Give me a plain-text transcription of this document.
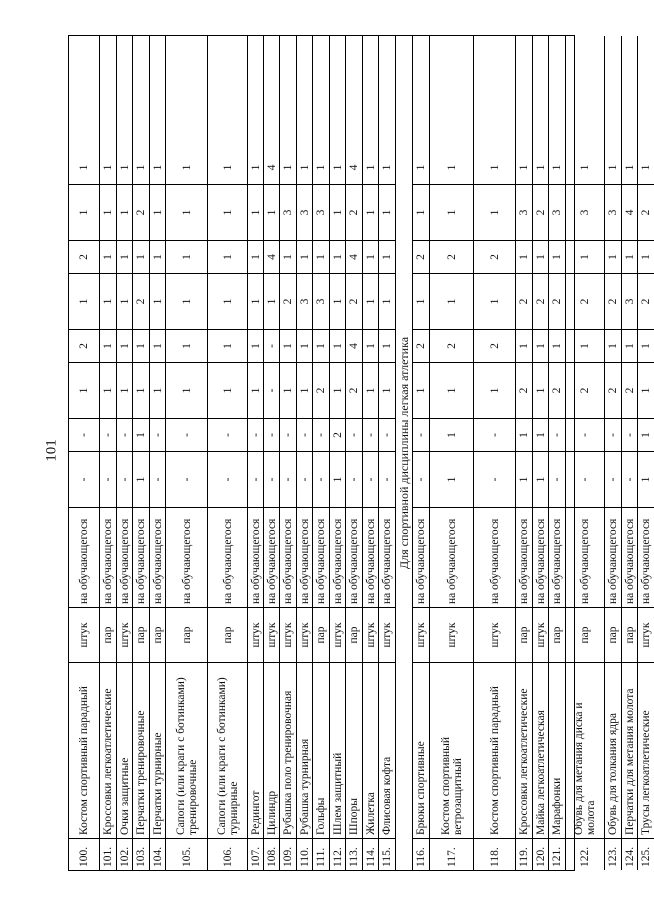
101
100.
Костом спортивный парадный
штук
на обучающегося
-
-
1
2
1
2
1
1
101.
Кроссовки легкоатлетические
пар
на обучающегося
-
-
1
1
1
1
1
1
102.
Очки защитные
штук
на обучающегося
-
-
1
1
1
1
1
1
103.
Перчатки тренировочные
пар
на обучающегося
1
1
1
1
2
1
2
1
104.
Перчатки турнирные
пар
на обучающегося
-
-
1
1
1
1
1
1
105.
Сапоги (или краги с ботинками) тренировочные
пар
на обучающегося
-
-
1
1
1
1
1
1
106.
Сапоги (или краги с ботинками) турнирные
пар
на обучающегося
-
-
1
1
1
1
1
1
107.
Редингот
штук
на обучающегося
-
-
1
1
1
1
1
1
108.
Цилиндр
штук
на обучающегося
-
-
-
-
1
4
1
4
109.
Рубашка поло тренировочная
штук
на обучающегося
-
-
1
1
2
1
3
1
110.
Рубашка турнирная
штук
на обучающегося
-
-
1
1
3
1
3
1
111.
Гольфы
пар
на обучающегося
-
-
2
1
3
1
3
1
112.
Шлем защитный
штук
на обучающегося
1
2
1
1
1
1
1
1
113.
Шпоры
пар
на обучающегося
-
-
2
4
2
4
2
4
114.
Жилетка
штук
на обучающегося
-
-
1
1
1
1
1
1
115.
Флисовая кофта
штук
на обучающегося
-
-
1
1
1
1
1
1
Для спортивной дисциплины легкая атлетика
116.
Брюки спортивные
штук
на обучающегося
-
-
1
2
1
2
1
1
117.
Костом спортивный ветрозащитный
штук
на обучающегося
1
1
1
2
1
2
1
1
118.
Костом спортивный парадный
штук
на обучающегося
-
-
1
2
1
2
1
1
119.
Кроссовки легкоатлетические
пар
на обучающегося
1
1
2
1
2
1
3
1
120.
Майка легкоатлетическая
штук
на обучающегося
1
1
1
1
2
1
2
1
121.
Марафонки
пар
на обучающегося
-
-
2
1
2
1
3
1
122.
Обувь для метания диска и молота
пар
на обучающегося
-
-
2
1
2
1
3
1
123.
Обувь для толкания ядра
пар
на обучающегося
-
-
2
1
2
1
3
1
124.
Перчатки для метания молота
пар
на обучающегося
-
-
2
1
3
1
4
1
125.
Трусы легкоатлетические
штук
на обучающегося
1
1
1
1
2
1
2
1
